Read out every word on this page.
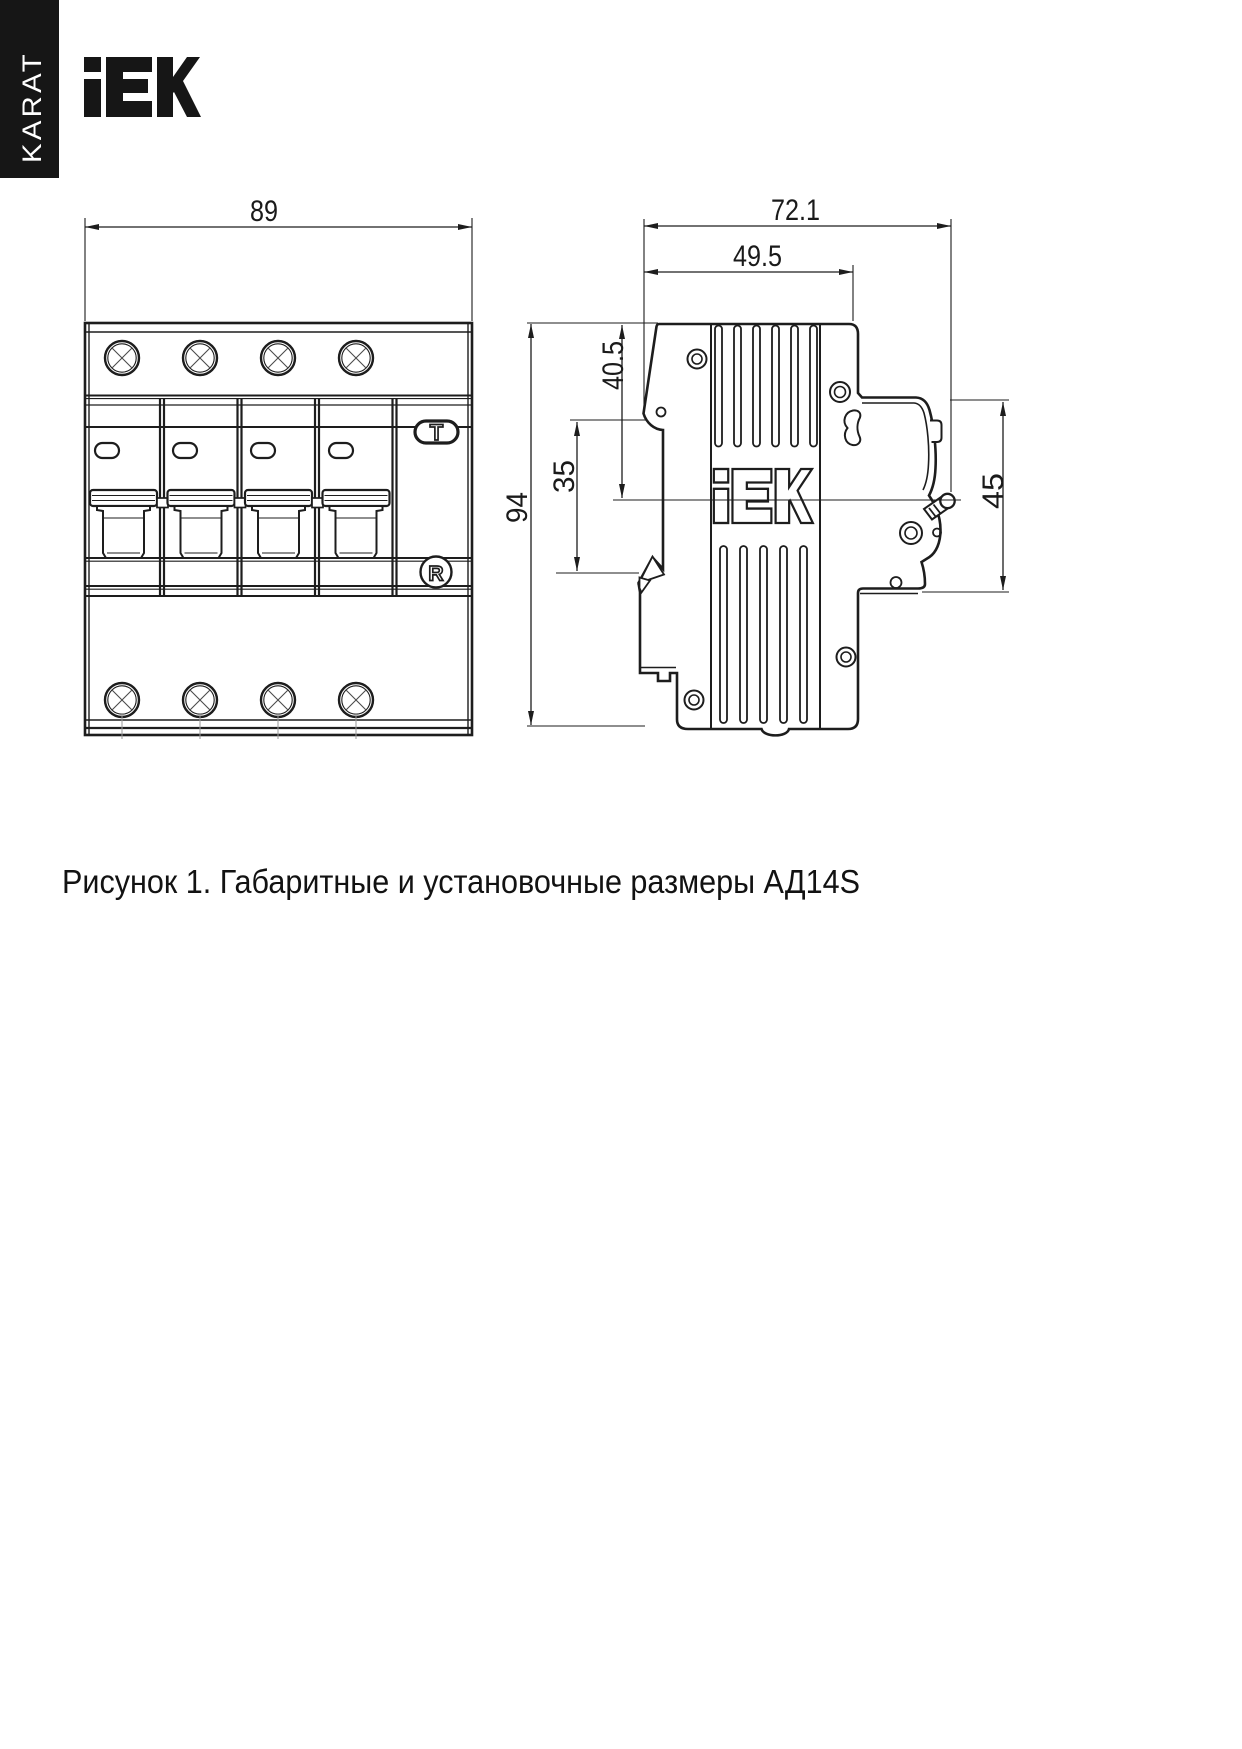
KARAT
T
R
89	72.1
49.5
94
40.5
35	45
Рисунок 1. Габаритные и установочные размеры АД14S
